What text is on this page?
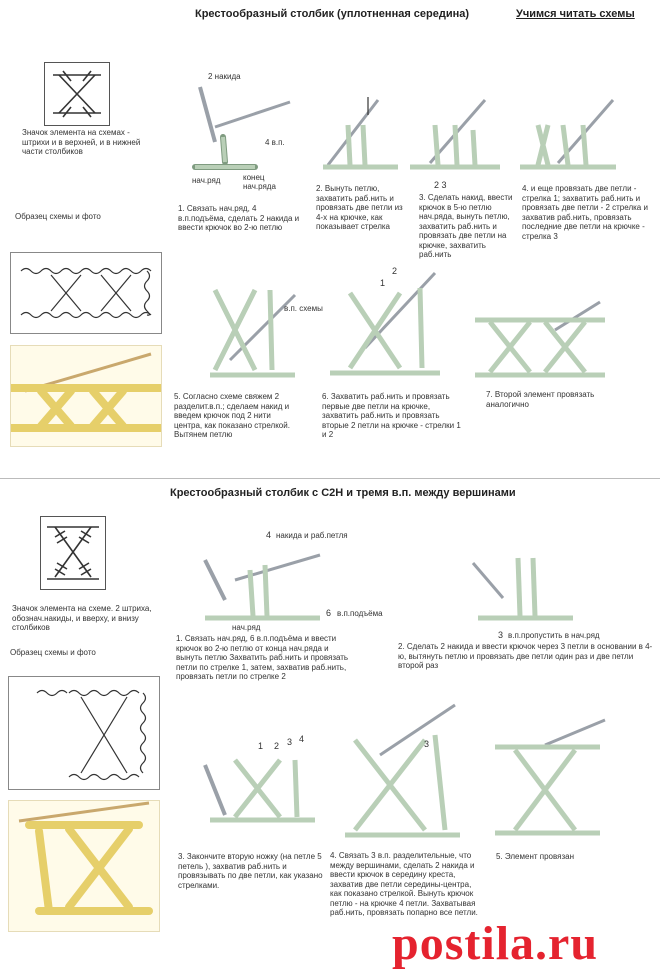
Крестообразный столбик (уплотненная середина)	Учимся читать схемы
Значок элемента на схемах - штрихи и в верхней, и в нижней части столбиков
Образец схемы и фото
2 накида
4 в.п.
нач.ряд	конец нач.ряда
1. Связать нач.ряд, 4 в.п.подъёма, сделать 2 накида и ввести крючок во 2-ю петлю
2. Вынуть петлю, захватить раб.нить и провязать две петли из 4-х на крючке, как показывает стрелка
2 3
3. Сделать накид, ввести крючок в 5-ю петлю нач.ряда, вынуть петлю, захватить раб.нить и провязать две петли на крючке, захватить раб.нить
4. и еще провязать две петли - стрелка 1; захватить раб.нить и провязать две петли - 2 стрелка и захватив раб.нить, провязать последние две петли на крючке - стрелка 3
в.п. схемы
5. Согласно схеме свяжем 2 разделит.в.п.; сделаем накид и введем крючок под 2 нити центра, как показано стрелкой. Вытянем петлю
1
2
6. Захватить раб.нить и провязать первые две петли на крючке, захватить раб.нить и провязать вторые 2 петли на крючке - стрелки 1 и 2
7. Второй элемент провязать аналогично
Крестообразный столбик с С2Н и тремя в.п. между вершинами
Значок элемента на схеме. 2 штриха, обознач.накиды, и вверху, и внизу столбиков
Образец схемы и фото
4 накида и раб.петля
6 в.п.подъёма
нач.ряд
1. Связать нач.ряд, 6 в.п.подъёма и ввести крючок во 2-ю петлю от конца нач.ряда и вынуть петлю Захватить раб.нить и провязать петли по стрелке 1, затем, захватив раб.нить, провязать петли по стрелке 2
3 в.п.пропустить в нач.ряд
2. Сделать 2 накида и ввести крючок через 3 петли в основании в 4-ю, вытянуть петлю и провязать две петли один раз и две петли второй раз
1 2 3 4
3. Закончите вторую ножку (на петле 5 петель ), захватив раб.нить и провязывать по две петли, как указано стрелками.
3
4. Связать 3 в.п. разделительные, что между вершинами, сделать 2 накида и ввести крючок в середину креста, захватив две петли середины-центра, как показано стрелкой. Вынуть крючок петлю - на крючке 4 петли. Захватывая раб.нить, провязать попарно все петли.
5. Элемент провязан
postila.ru
